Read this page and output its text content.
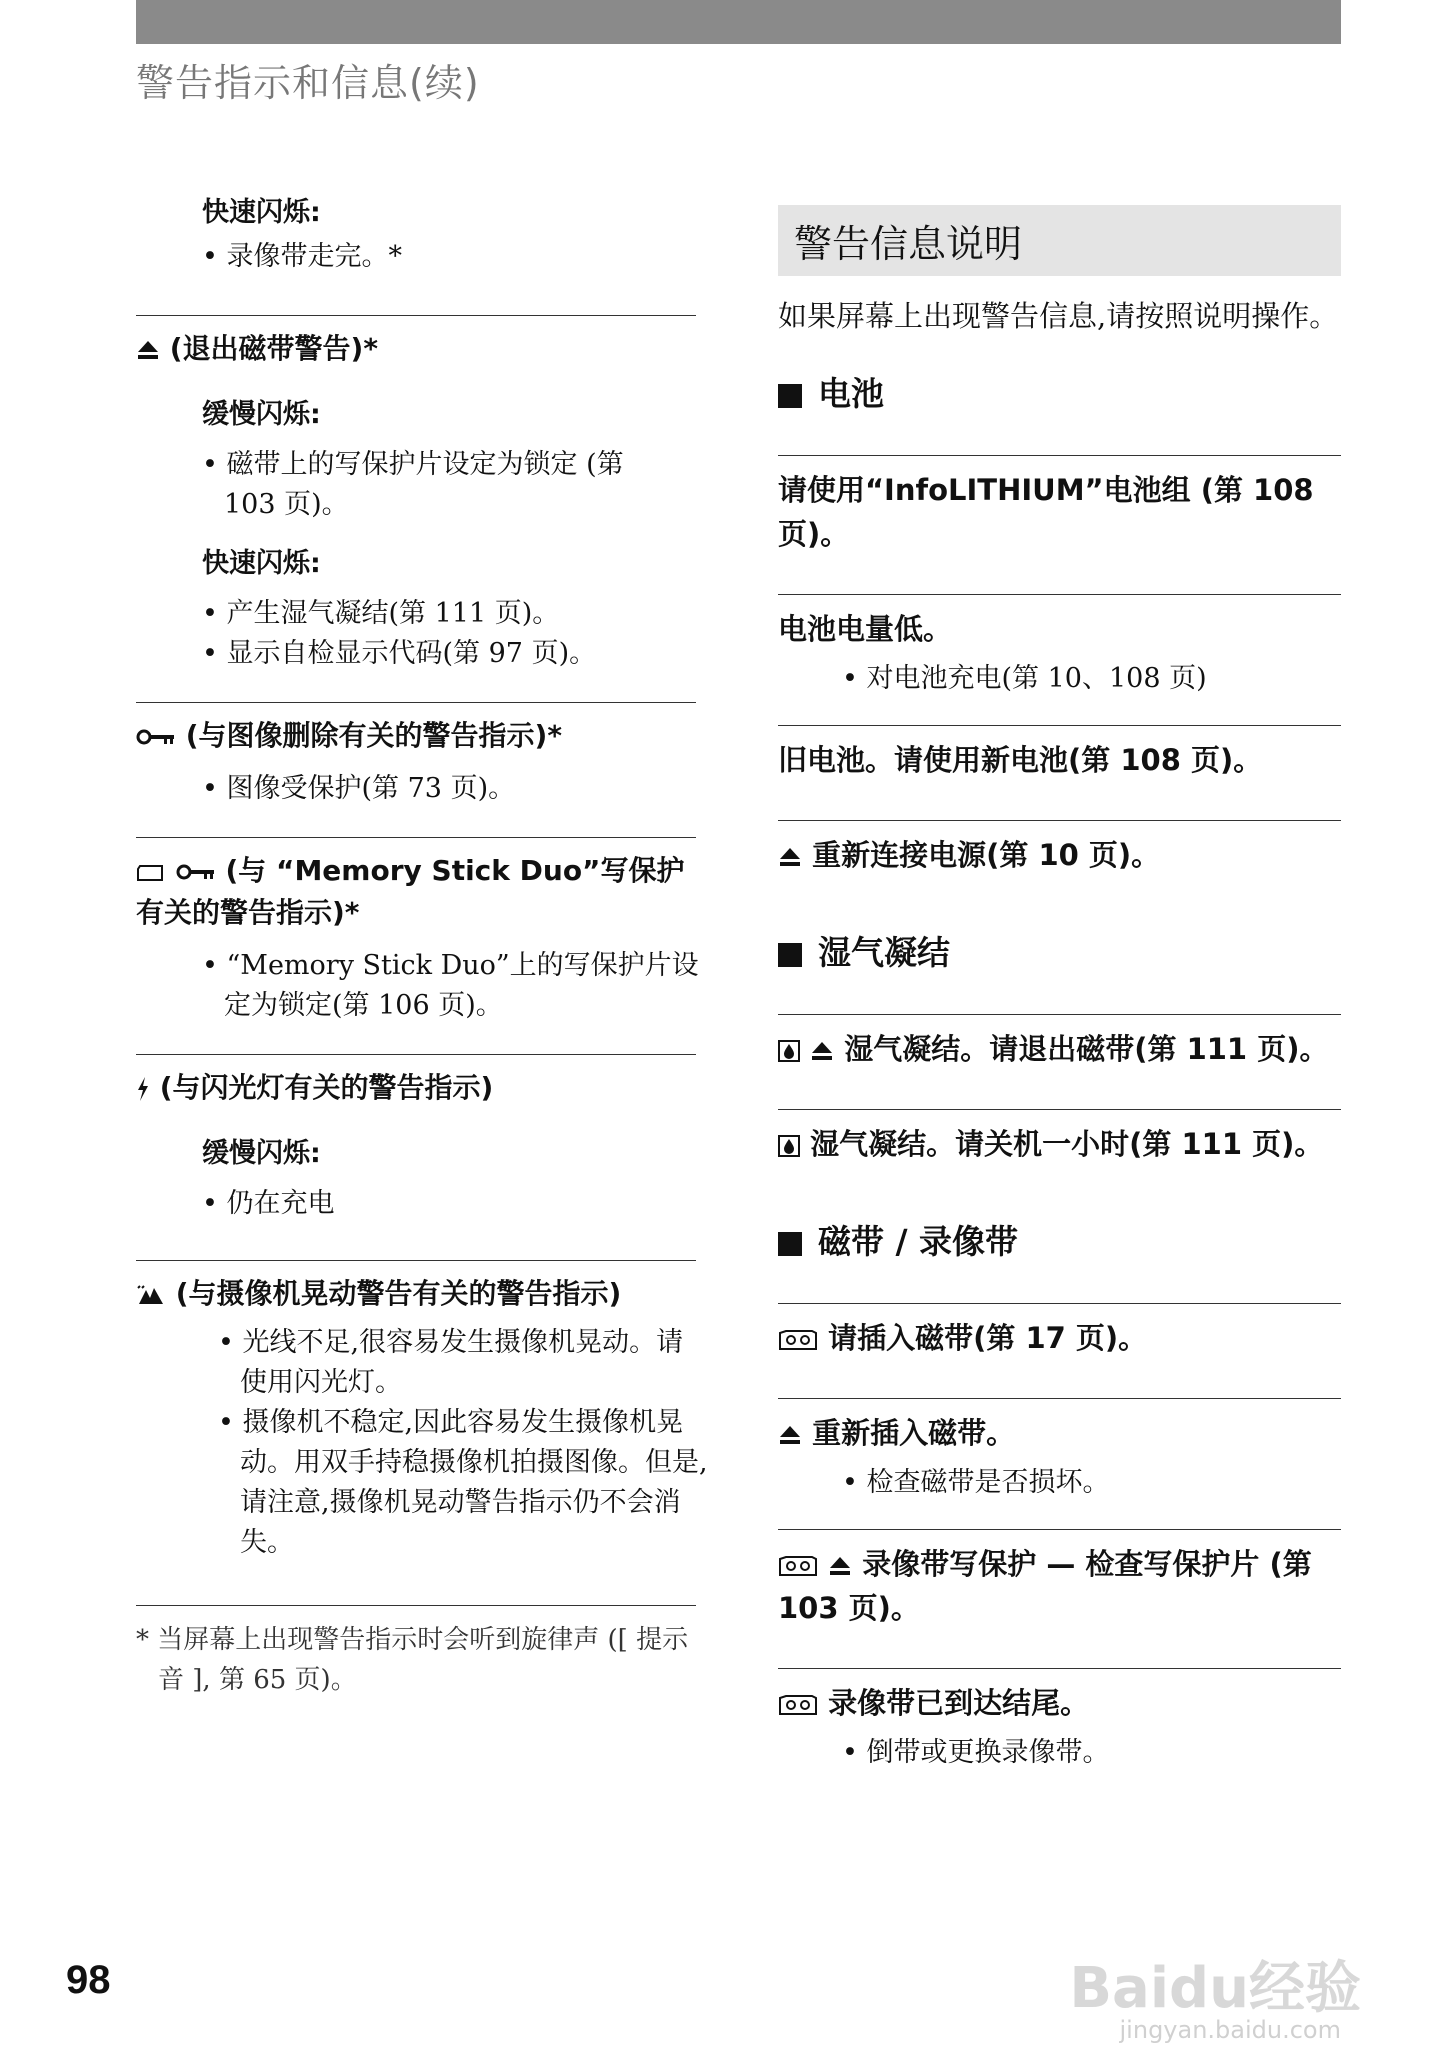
警告指示和信息(续)
快速闪烁:
• 录像带走完。*
(退出磁带警告)*
缓慢闪烁:
• 磁带上的写保护片设定为锁定 (第 103 页)。
快速闪烁:
• 产生湿气凝结(第 111 页)。
• 显示自检显示代码(第 97 页)。
(与图像删除有关的警告指示)*
• 图像受保护(第 73 页)。
(与 “Memory Stick Duo”写保护有关的警告指示)*
• “Memory Stick Duo”上的写保护片设定为锁定(第 106 页)。
(与闪光灯有关的警告指示)
缓慢闪烁:
• 仍在充电
(与摄像机晃动警告有关的警告指示)
• 光线不足,很容易发生摄像机晃动。请使用闪光灯。
• 摄像机不稳定,因此容易发生摄像机晃动。用双手持稳摄像机拍摄图像。但是,请注意,摄像机晃动警告指示仍不会消失。
* 当屏幕上出现警告指示时会听到旋律声 ([ 提示音 ], 第 65 页)。
警告信息说明
如果屏幕上出现警告信息,请按照说明操作。
电池
请使用“InfoLITHIUM”电池组 (第 108 页)。
电池电量低。
• 对电池充电(第 10、108 页)
旧电池。请使用新电池(第 108 页)。
重新连接电源(第 10 页)。
湿气凝结
湿气凝结。请退出磁带(第 111 页)。
湿气凝结。请关机一小时(第 111 页)。
磁带 / 录像带
请插入磁带(第 17 页)。
重新插入磁带。
• 检查磁带是否损坏。
录像带写保护 — 检查写保护片 (第 103 页)。
录像带已到达结尾。
• 倒带或更换录像带。
98	Baidu经验
jingyan.baidu.com
